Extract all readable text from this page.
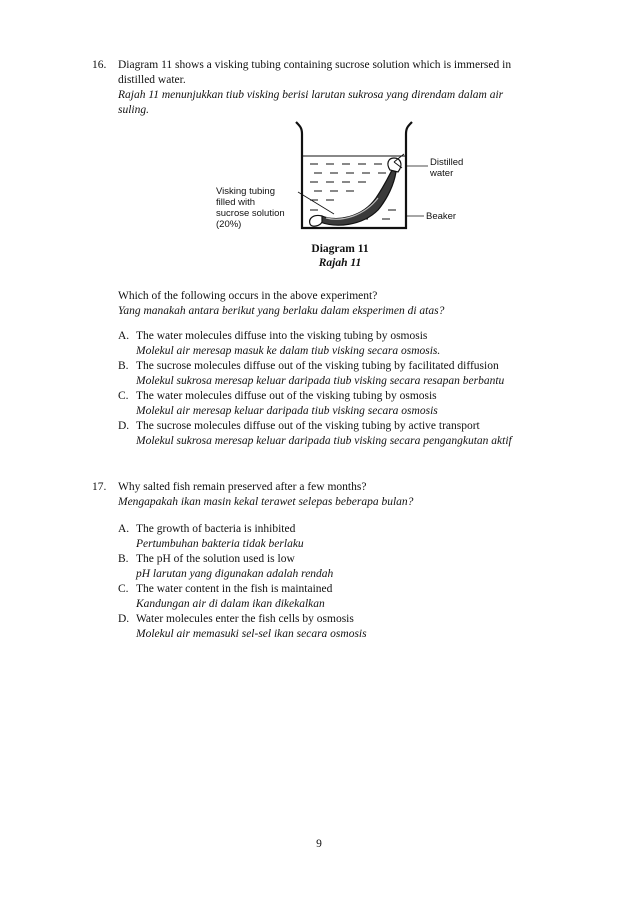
16. Diagram 11 shows a visking tubing containing sucrose solution which is immersed in

distilled water.

Rajah 11 menunjukkan tiub visking berisi larutan sukrosa yang direndam dalam air

suling.

Distilled
water
Beaker
Visking tubing
filled with
sucrose solution
(20%)
Diagram 11
Rajah 11

Which of the following occurs in the above experiment?

Yang manakah antara berikut yang berlaku dalam eksperimen di atas?

A. The water molecules diffuse into the visking tubing by osmosis

Molekul air meresap masuk ke dalam tiub visking secara osmosis.

B. The sucrose molecules diffuse out of the visking tubing by facilitated diffusion

Molekul sukrosa meresap keluar daripada tiub visking secara resapan berbantu

C. The water molecules diffuse out of the visking tubing by osmosis

Molekul air meresap keluar daripada tiub visking secara osmosis

D. The sucrose molecules diffuse out of the visking tubing by active transport

Molekul sukrosa meresap keluar daripada tiub visking secara pengangkutan aktif

17. Why salted fish remain preserved after a few months?

Mengapakah ikan masin kekal terawet selepas beberapa bulan?

A. The growth of bacteria is inhibited

Pertumbuhan bakteria tidak berlaku

B. The pH of the solution used is low

pH larutan yang digunakan adalah rendah

C. The water content in the fish is maintained

Kandungan air di dalam ikan dikekalkan

D. Water molecules enter the fish cells by osmosis

Molekul air memasuki sel-sel ikan secara osmosis

9
